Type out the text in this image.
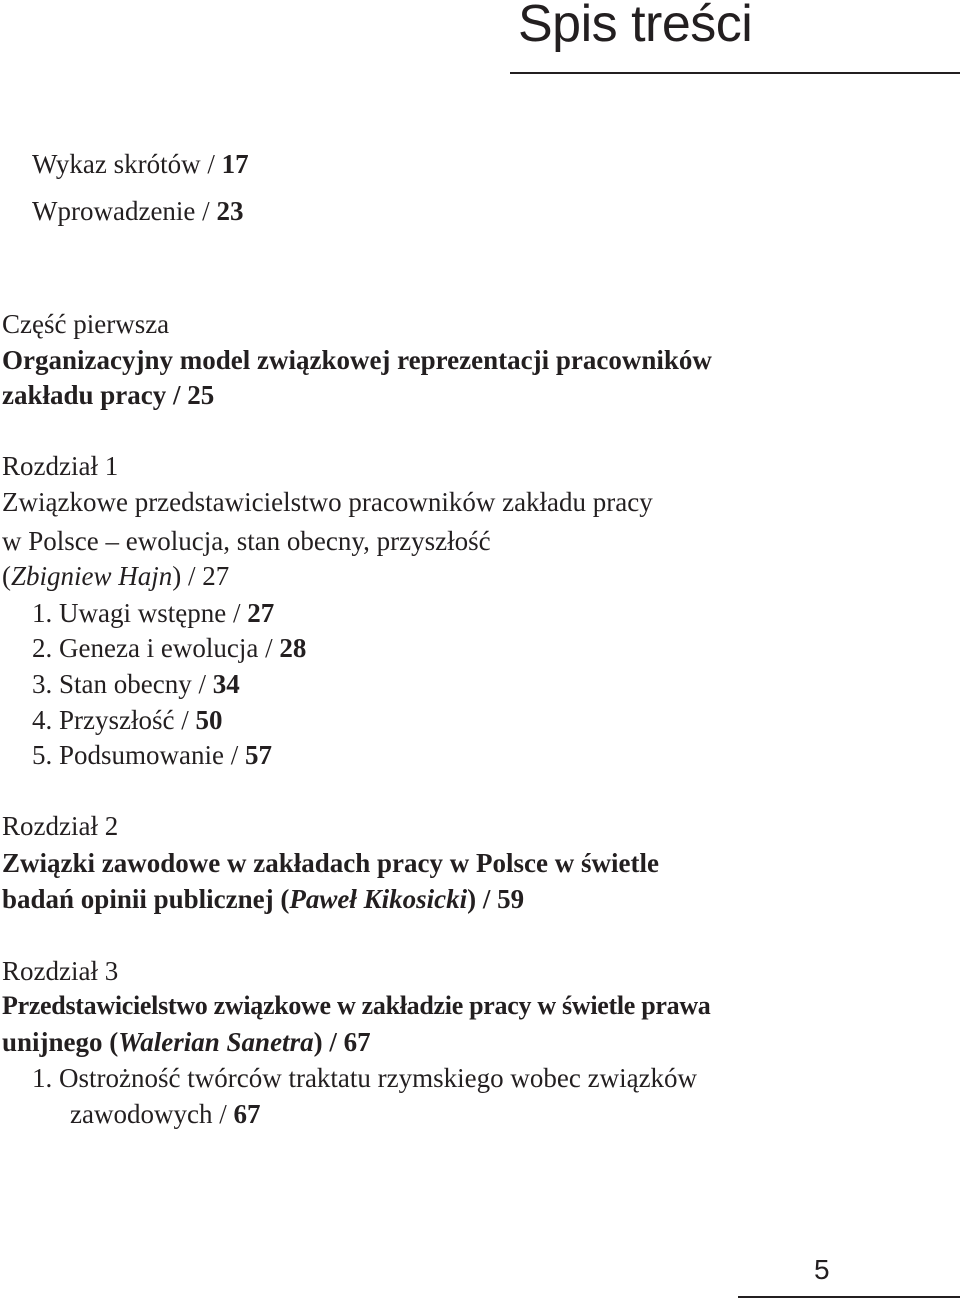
Spis treści
Wykaz skrótów / 17
Wprowadzenie / 23
Część pierwsza
Organizacyjny model związkowej reprezentacji pracowników
zakładu pracy / 25
Rozdział 1
Związkowe przedstawicielstwo pracowników zakładu pracy
w Polsce – ewolucja, stan obecny, przyszłość
(Zbigniew Hajn) / 27
1. Uwagi wstępne / 27
2. Geneza i ewolucja / 28
3. Stan obecny / 34
4. Przyszłość / 50
5. Podsumowanie / 57
Rozdział 2
Związki zawodowe w zakładach pracy w Polsce w świetle
badań opinii publicznej (Paweł Kikosicki) / 59
Rozdział 3
Przedstawicielstwo związkowe w zakładzie pracy w świetle prawa
unijnego (Walerian Sanetra) / 67
1. Ostrożność twórców traktatu rzymskiego wobec związków
zawodowych / 67
5
